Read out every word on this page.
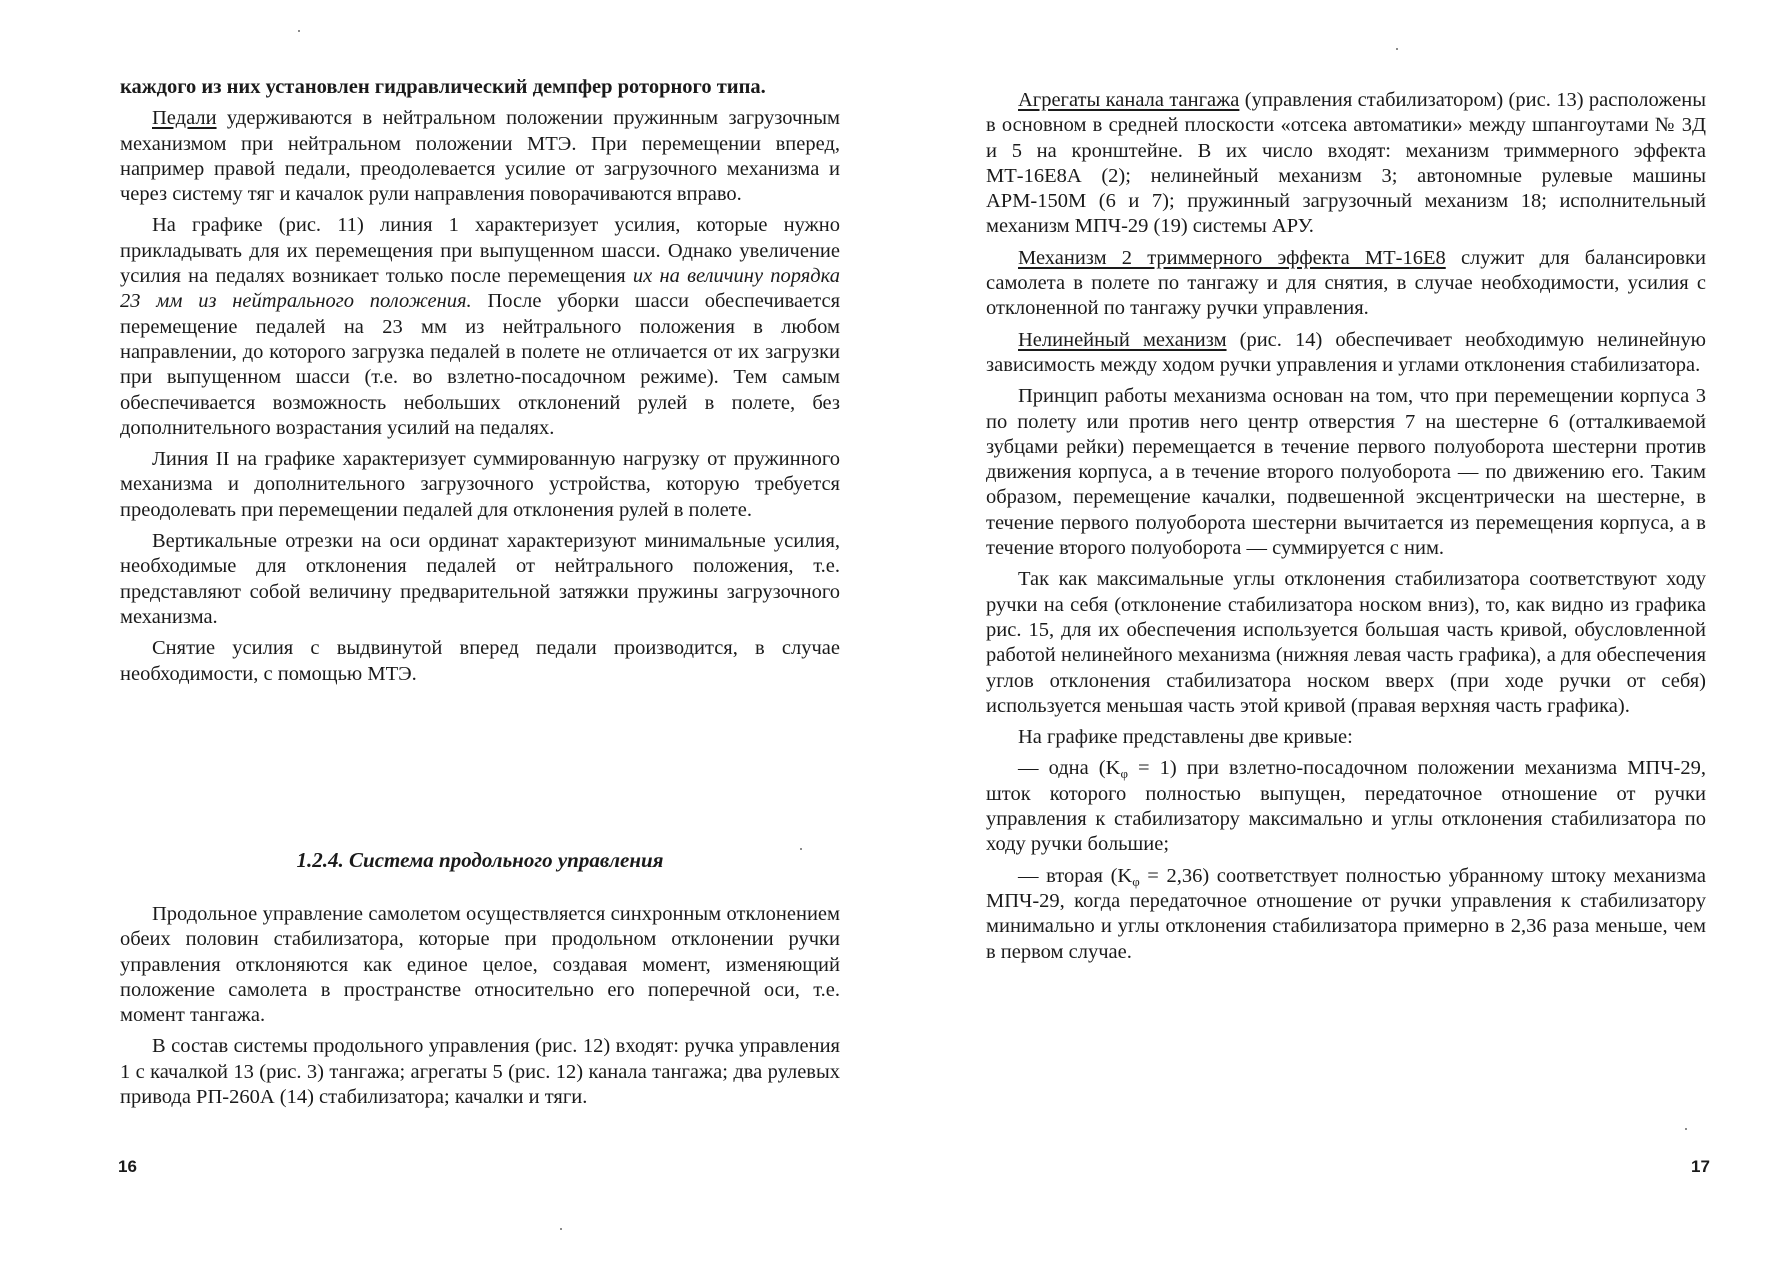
каждого из них установлен гидравлический демпфер роторного типа.

Педали удерживаются в нейтральном положении пружинным загрузочным механизмом при нейтральном положении МТЭ. При перемещении вперед, например правой педали, преодолевается усилие от загрузочного механизма и через систему тяг и качалок рули направления поворачиваются вправо.

На графике (рис. 11) линия 1 характеризует усилия, которые нужно прикладывать для их перемещения при выпущенном шасси. Однако увеличение усилия на педалях возникает только после перемещения их на величину порядка 23 мм из нейтрального положения. После уборки шасси обеспечивается перемещение педалей на 23 мм из нейтрального положения в любом направлении, до которого загрузка педалей в полете не отличается от их загрузки при выпущенном шасси (т.е. во взлетно-посадочном режиме). Тем самым обеспечивается возможность небольших отклонений рулей в полете, без дополнительного возрастания усилий на педалях.

Линия II на графике характеризует суммированную нагрузку от пружинного механизма и дополнительного загрузочного устройства, которую требуется преодолевать при перемещении педалей для отклонения рулей в полете.

Вертикальные отрезки на оси ординат характеризуют минимальные усилия, необходимые для отклонения педалей от нейтрального положения, т.е. представляют собой величину предварительной затяжки пружины загрузочного механизма.

Снятие усилия с выдвинутой вперед педали производится, в случае необходимости, с помощью МТЭ.

1.2.4. Система продольного управления

Продольное управление самолетом осуществляется синхронным отклонением обеих половин стабилизатора, которые при продольном отклонении ручки управления отклоняются как единое целое, создавая момент, изменяющий положение самолета в пространстве относительно его поперечной оси, т.е. момент тангажа.

В состав системы продольного управления (рис. 12) входят: ручка управления 1 с качалкой 13 (рис. 3) тангажа; агрегаты 5 (рис. 12) канала тангажа; два рулевых привода РП-260А (14) стабилизатора; качалки и тяги.

16

Агрегаты канала тангажа (управления стабилизатором) (рис. 13) расположены в основном в средней плоскости «отсека автоматики» между шпангоутами № 3Д и 5 на кронштейне. В их число входят: механизм триммерного эффекта МТ-16Е8А (2); нелинейный механизм 3; автономные рулевые машины АРМ-150М (6 и 7); пружинный загрузочный механизм 18; исполнительный механизм МПЧ-29 (19) системы АРУ.

Механизм 2 триммерного эффекта МТ-16Е8 служит для балансировки самолета в полете по тангажу и для снятия, в случае необходимости, усилия с отклоненной по тангажу ручки управления.

Нелинейный механизм (рис. 14) обеспечивает необходимую нелинейную зависимость между ходом ручки управления и углами отклонения стабилизатора.

Принцип работы механизма основан на том, что при перемещении корпуса 3 по полету или против него центр отверстия 7 на шестерне 6 (отталкиваемой зубцами рейки) перемещается в течение первого полуоборота шестерни против движения корпуса, а в течение второго полуоборота — по движению его. Таким образом, перемещение качалки, подвешенной эксцентрически на шестерне, в течение первого полуоборота шестерни вычитается из перемещения корпуса, а в течение второго полуоборота — суммируется с ним.

Так как максимальные углы отклонения стабилизатора соответствуют ходу ручки на себя (отклонение стабилизатора носком вниз), то, как видно из графика рис. 15, для их обеспечения используется большая часть кривой, обусловленной работой нелинейного механизма (нижняя левая часть графика), а для обеспечения углов отклонения стабилизатора носком вверх (при ходе ручки от себя) используется меньшая часть этой кривой (правая верхняя часть графика).

На графике представлены две кривые:

— одна $(K_\varphi = 1)$ при взлетно-посадочном положении механизма МПЧ-29, шток которого полностью выпущен, передаточное отношение от ручки управления к стабилизатору максимально и углы отклонения стабилизатора по ходу ручки большие;

— вторая $(K_\varphi = 2,36)$ соответствует полностью убранному штоку механизма МПЧ-29, когда передаточное отношение от ручки управления к стабилизатору минимально и углы отклонения стабилизатора примерно в 2,36 раза меньше, чем в первом случае.

17
